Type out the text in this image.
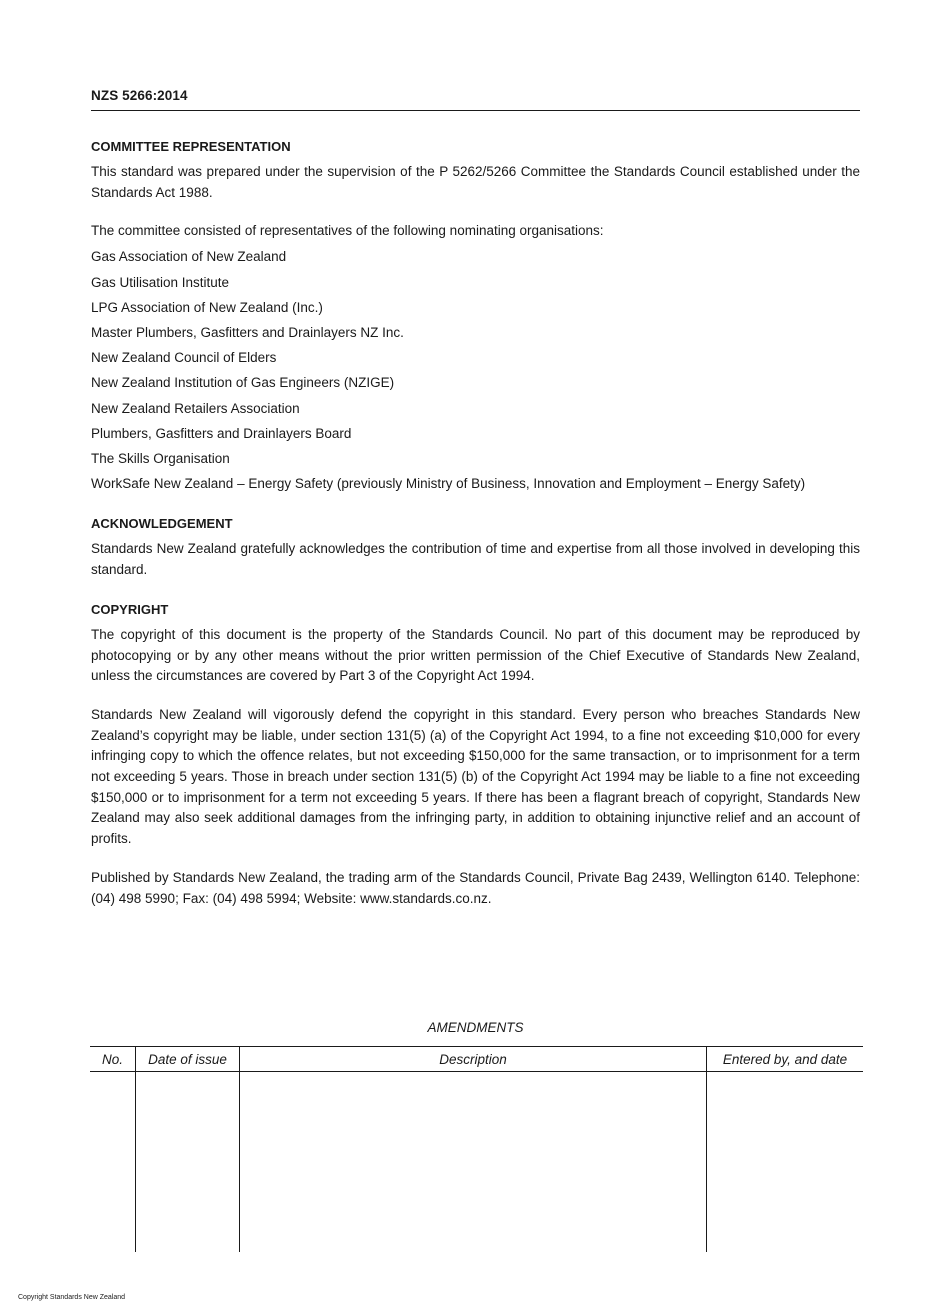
NZS 5266:2014

COMMITTEE REPRESENTATION

This standard was prepared under the supervision of the P 5262/5266 Committee the Standards Council established under the Standards Act 1988.

The committee consisted of representatives of the following nominating organisations:

Gas Association of New Zealand

Gas Utilisation Institute

LPG Association of New Zealand (Inc.)

Master Plumbers, Gasfitters and Drainlayers NZ Inc.

New Zealand Council of Elders

New Zealand Institution of Gas Engineers (NZIGE)

New Zealand Retailers Association

Plumbers, Gasfitters and Drainlayers Board

The Skills Organisation

WorkSafe New Zealand – Energy Safety (previously Ministry of Business, Innovation and Employment – Energy Safety)

ACKNOWLEDGEMENT

Standards New Zealand gratefully acknowledges the contribution of time and expertise from all those involved in developing this standard.

COPYRIGHT

The copyright of this document is the property of the Standards Council. No part of this document may be reproduced by photocopying or by any other means without the prior written permission of the Chief Executive of Standards New Zealand, unless the circumstances are covered by Part 3 of the Copyright Act 1994.

Standards New Zealand will vigorously defend the copyright in this standard. Every person who breaches Standards New Zealand’s copyright may be liable, under section 131(5) (a) of the Copyright Act 1994, to a fine not exceeding $10,000 for every infringing copy to which the offence relates, but not exceeding $150,000 for the same transaction, or to imprisonment for a term not exceeding 5 years. Those in breach under section 131(5) (b) of the Copyright Act 1994 may be liable to a fine not exceeding $150,000 or to imprisonment for a term not exceeding 5 years. If there has been a flagrant breach of copyright, Standards New Zealand may also seek additional damages from the infringing party, in addition to obtaining injunctive relief and an account of profits.

Published by Standards New Zealand, the trading arm of the Standards Council, Private Bag 2439, Wellington 6140. Telephone: (04) 498 5990; Fax: (04) 498 5994; Website: www.standards.co.nz.

AMENDMENTS
No.	Date of issue	Description	Entered by, and date

Copyright Standards New Zealand
